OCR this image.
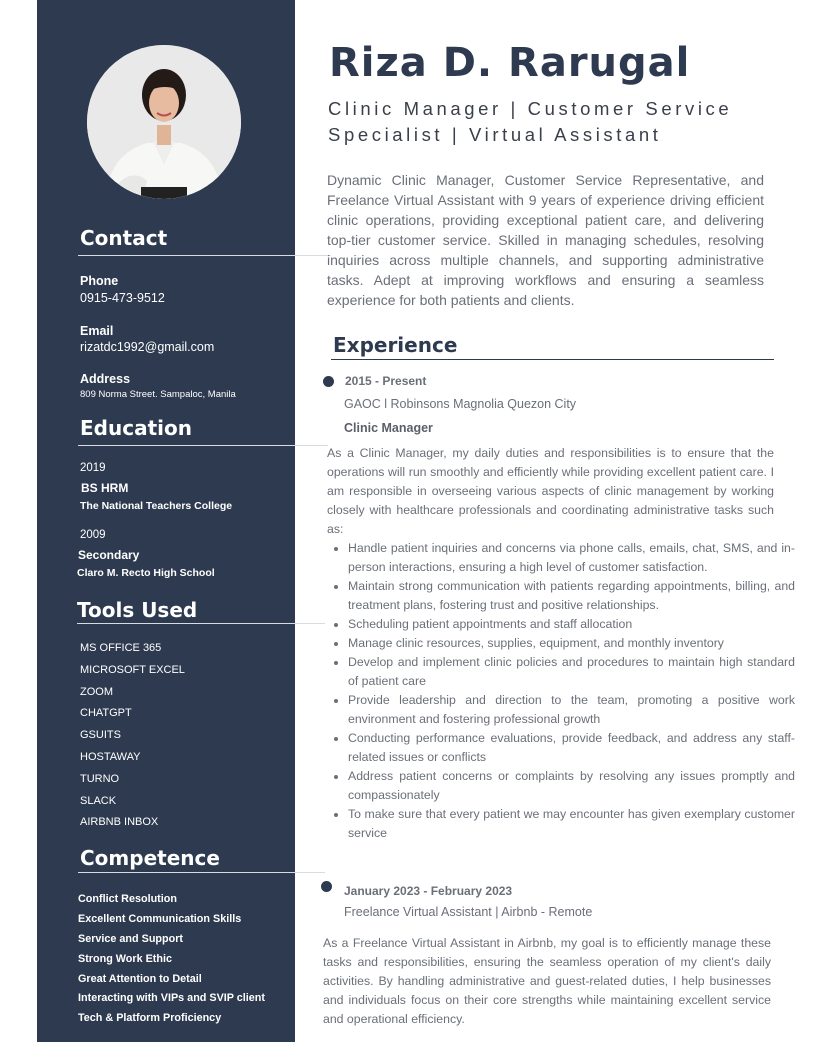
Contact
Phone
0915-473-9512
Email
rizatdc1992@gmail.com
Address
809 Norma Street. Sampaloc, Manila
Education
2019
BS HRM
The National Teachers College
2009
Secondary
Claro M. Recto High School
Tools Used
MS OFFICE 365
MICROSOFT EXCEL
ZOOM
CHATGPT
GSUITS
HOSTAWAY
TURNO
SLACK
AIRBNB INBOX
Competence
Conflict Resolution
Excellent Communication Skills
Service and Support
Strong Work Ethic
Great Attention to Detail
Interacting with VIPs and SVIP client
Tech & Platform Proficiency
Riza D. Rarugal

Clinic Manager | Customer Service Specialist | Virtual Assistant

Dynamic Clinic Manager, Customer Service Representative, and Freelance Virtual Assistant with 9 years of experience driving efficient clinic operations, providing exceptional patient care, and delivering top-tier customer service. Skilled in managing schedules, resolving inquiries across multiple channels, and supporting administrative tasks. Adept at improving workflows and ensuring a seamless experience for both patients and clients.

Experience
2015 - Present
GAOC l Robinsons Magnolia Quezon City
Clinic Manager

As a Clinic Manager, my daily duties and responsibilities is to ensure that the operations will run smoothly and efficiently while providing excellent patient care. I am responsible in overseeing various aspects of clinic management by working closely with healthcare professionals and coordinating administrative tasks such as:

• Handle patient inquiries and concerns via phone calls, emails, chat, SMS, and in-person interactions, ensuring a high level of customer satisfaction.
• Maintain strong communication with patients regarding appointments, billing, and treatment plans, fostering trust and positive relationships.
• Scheduling patient appointments and staff allocation
• Manage clinic resources, supplies, equipment, and monthly inventory
• Develop and implement clinic policies and procedures to maintain high standard of patient care
• Provide leadership and direction to the team, promoting a positive work environment and fostering professional growth
• Conducting performance evaluations, provide feedback, and address any staff-related issues or conflicts
• Address patient concerns or complaints by resolving any issues promptly and compassionately
• To make sure that every patient we may encounter has given exemplary customer service
January 2023 - February 2023
Freelance Virtual Assistant | Airbnb - Remote

As a Freelance Virtual Assistant in Airbnb, my goal is to efficiently manage these tasks and responsibilities, ensuring the seamless operation of my client's daily activities. By handling administrative and guest-related duties, I help businesses and individuals focus on their core strengths while maintaining excellent service and operational efficiency.
